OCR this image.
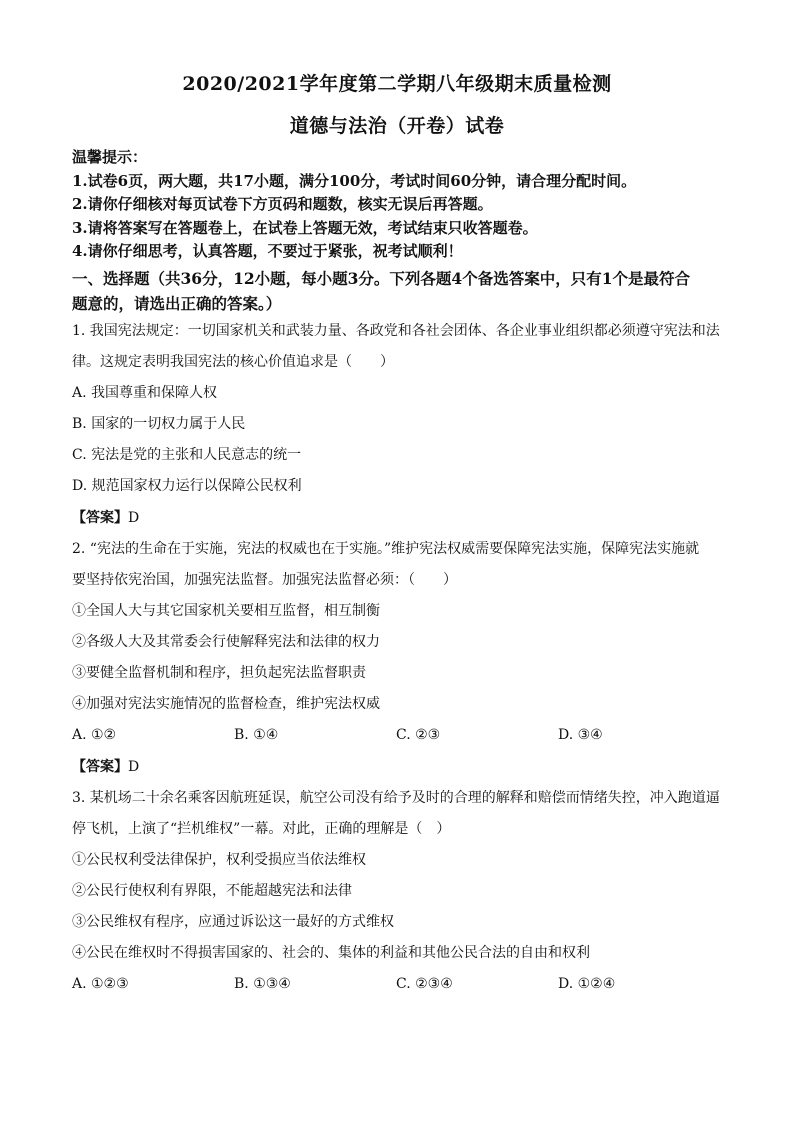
2020/2021学年度第二学期八年级期末质量检测
道德与法治（开卷）试卷
温馨提示：
1.试卷6页，两大题，共17小题，满分100分，考试时间60分钟，请合理分配时间。
2.请你仔细核对每页试卷下方页码和题数，核实无误后再答题。
3.请将答案写在答题卷上，在试卷上答题无效，考试结束只收答题卷。
4.请你仔细思考，认真答题，不要过于紧张，祝考试顺利！
一、选择题（共36分，12小题，每小题3分。下列各题4个备选答案中，只有1个是最符合
题意的，请选出正确的答案。）

1. 我国宪法规定：一切国家机关和武装力量、各政党和各社会团体、各企业事业组织都必须遵守宪法和法

律。这规定表明我国宪法的核心价值追求是（　　）

A. 我国尊重和保障人权

B. 国家的一切权力属于人民

C. 宪法是党的主张和人民意志的统一

D. 规范国家权力运行以保障公民权利

【答案】D

2. “宪法的生命在于实施，宪法的权威也在于实施。”维护宪法权威需要保障宪法实施，保障宪法实施就

要坚持依宪治国，加强宪法监督。加强宪法监督必须：（　　）

①全国人大与其它国家机关要相互监督，相互制衡

②各级人大及其常委会行使解释宪法和法律的权力

③要健全监督机制和程序，担负起宪法监督职责

④加强对宪法实施情况的监督检查，维护宪法权威

A. ①②	B. ①④	C. ②③	D. ③④
【答案】D

3. 某机场二十余名乘客因航班延误，航空公司没有给予及时的合理的解释和赔偿而情绪失控，冲入跑道逼

停飞机，上演了“拦机维权”一幕。对此，正确的理解是（　）

①公民权利受法律保护，权利受损应当依法维权

②公民行使权利有界限，不能超越宪法和法律

③公民维权有程序，应通过诉讼这一最好的方式维权

④公民在维权时不得损害国家的、社会的、集体的利益和其他公民合法的自由和权利

A. ①②③	B. ①③④	C. ②③④	D. ①②④
